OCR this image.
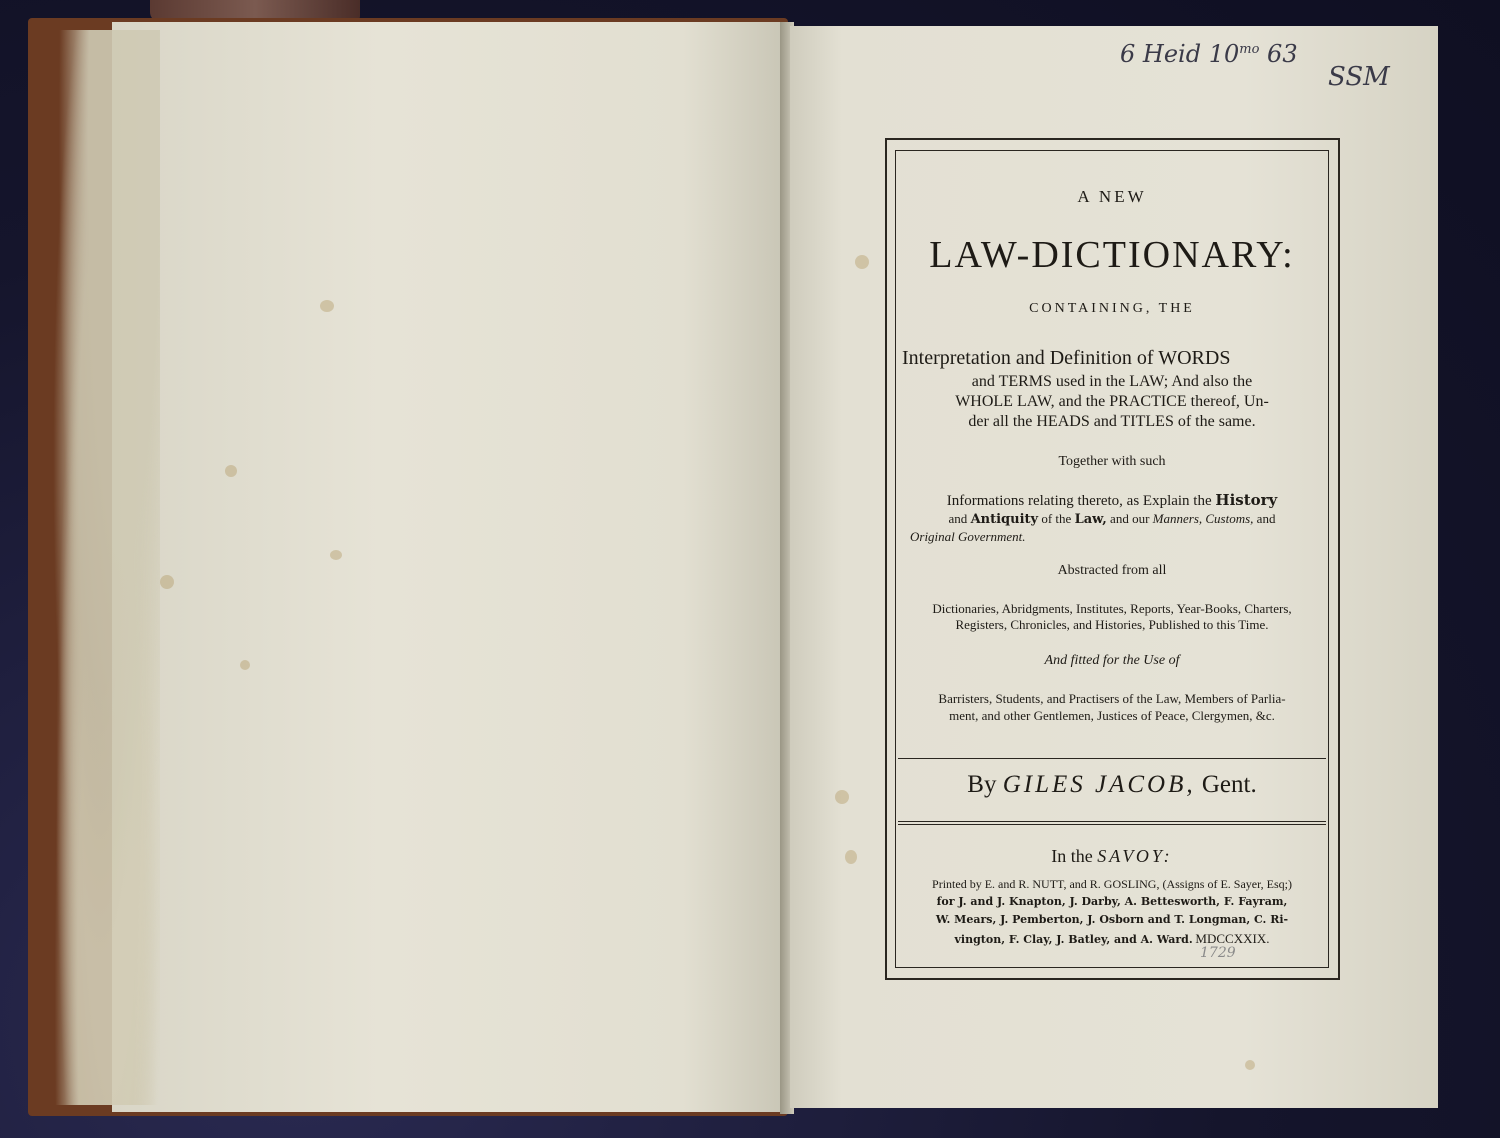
6 Heid $10^{mo}$ 63
SSM
1729
A NEW
LAW-DICTIONARY:
CONTAINING, THE
Interpretation and Definition of WORDS
and TERMS used in the LAW; And also the
WHOLE LAW, and the PRACTICE thereof, Un-
der all the HEADS and TITLES of the same.
Together with such
Informations relating thereto, as Explain the History
and Antiquity of the Law, and our Manners, Customs, and
Original Government.
Abstracted from all
Dictionaries, Abridgments, Institutes, Reports, Year-Books, Charters,
Registers, Chronicles, and Histories, Published to this Time.
And fitted for the Use of
Barristers, Students, and Practisers of the Law, Members of Parlia-
ment, and other Gentlemen, Justices of Peace, Clergymen, &c.
By GILES JACOB, Gent.
In the SAVOY:
Printed by E. and R. NUTT, and R. GOSLING, (Assigns of E. Sayer, Esq;)
for J. and J. Knapton, J. Darby, A. Bettesworth, F. Fayram,
W. Mears, J. Pemberton, J. Osborn and T. Longman, C. Ri-
vington, F. Clay, J. Batley, and A. Ward. MDCCXXIX.
